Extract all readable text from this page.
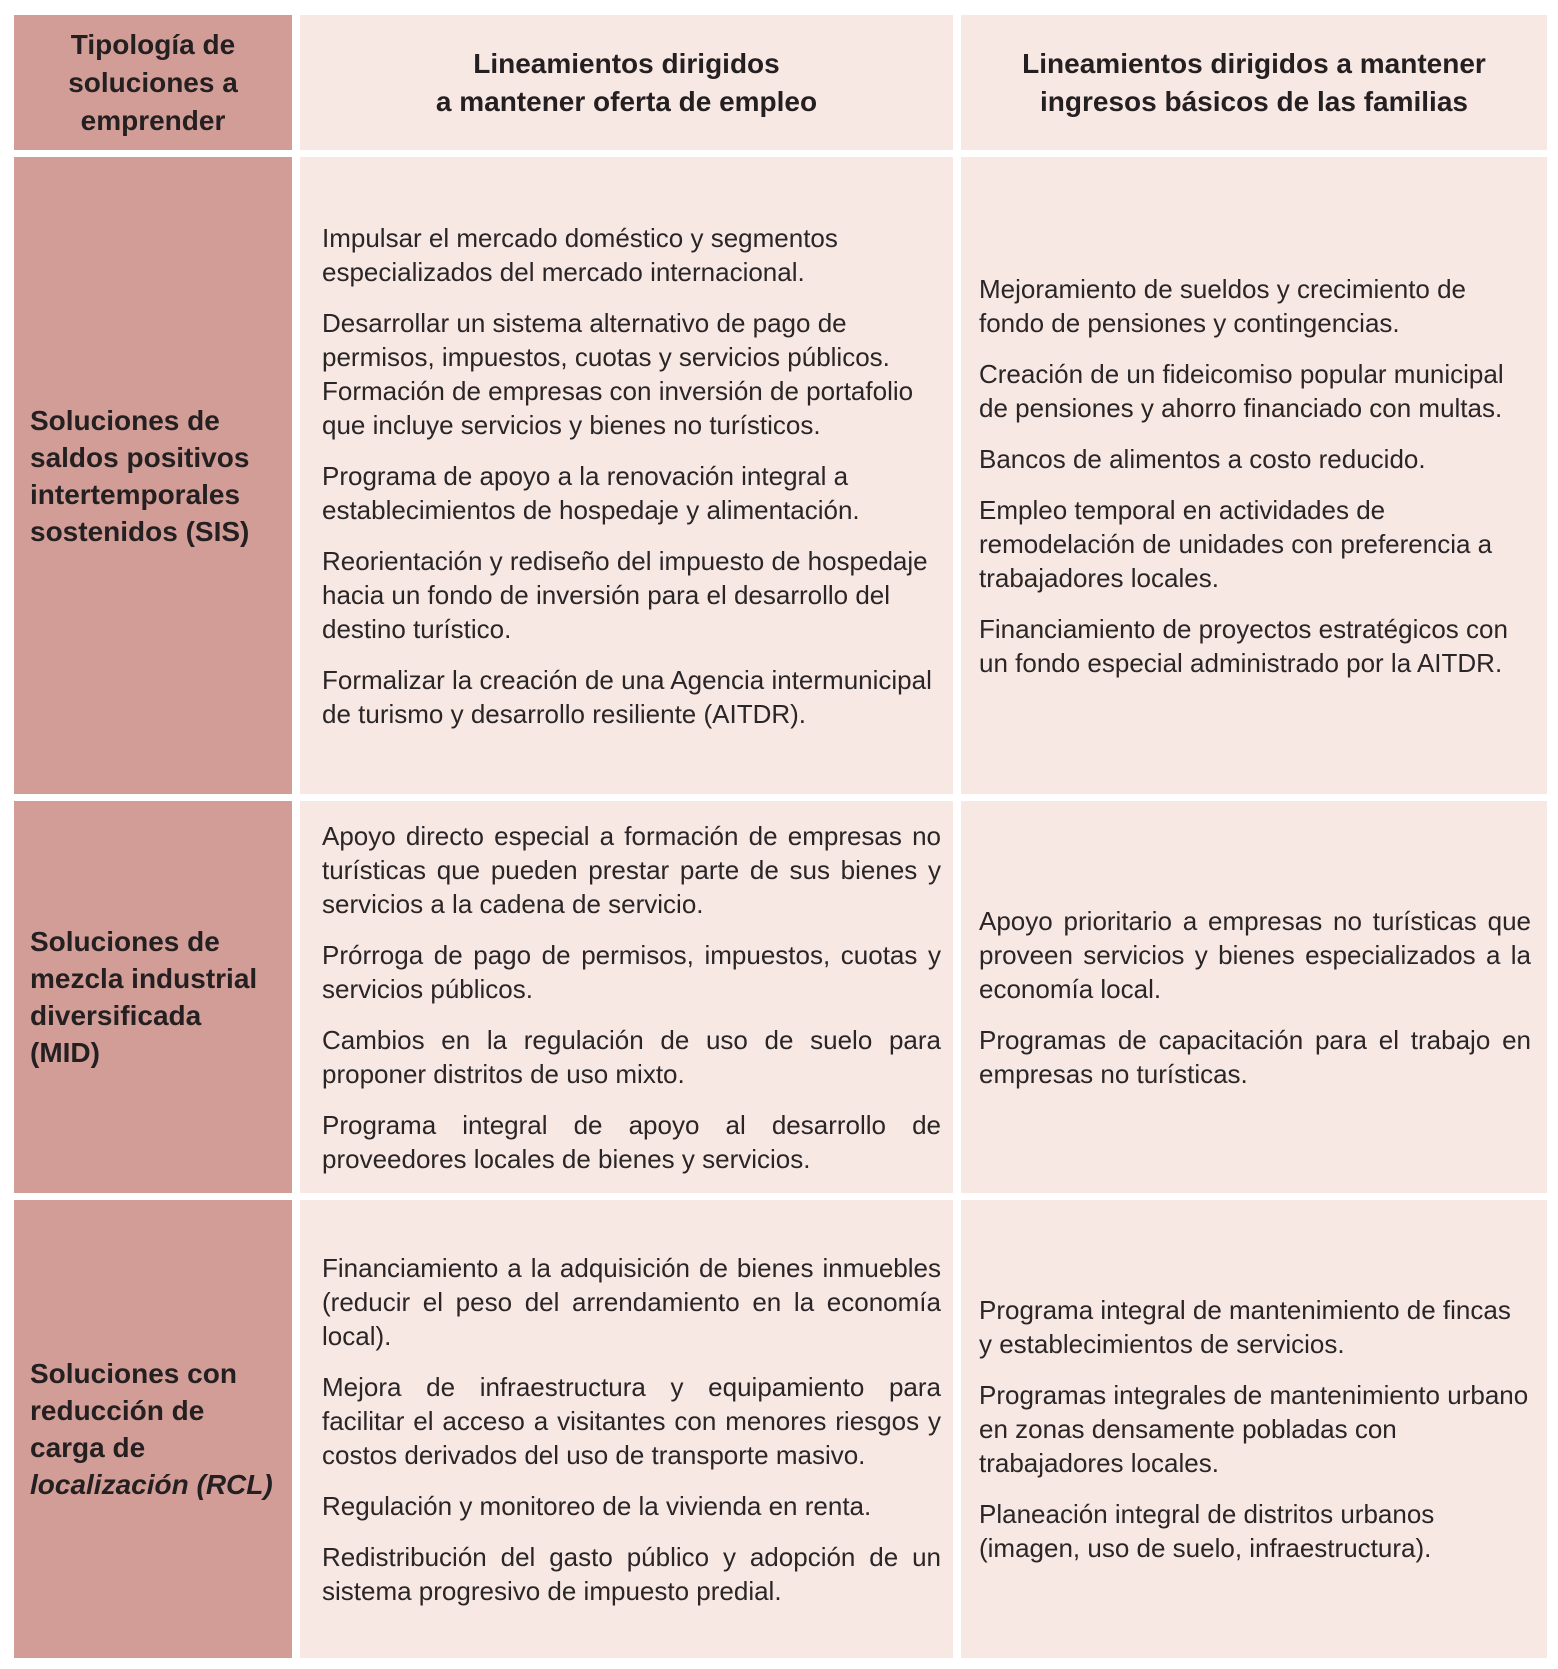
Tipología de soluciones a emprender
Lineamientos dirigidos
a mantener oferta de empleo
Lineamientos dirigidos a mantener
ingresos básicos de las familias
Soluciones de saldos positivos intertemporales sostenidos (SIS)

Impulsar el mercado doméstico y segmentos especializados del mercado internacional.

Desarrollar un sistema alternativo de pago de permisos, impuestos, cuotas y servicios públicos. Formación de empresas con inversión de portafolio que incluye servicios y bienes no turísticos.

Programa de apoyo a la renovación integral a establecimientos de hospedaje y alimentación.

Reorientación y rediseño del impuesto de hospedaje hacia un fondo de inversión para el desarrollo del destino turístico.

Formalizar la creación de una Agencia intermunicipal de turismo y desarrollo resiliente (AITDR).

Mejoramiento de sueldos y crecimiento de fondo de pensiones y contingencias.

Creación de un fideicomiso popular municipal de pensiones y ahorro financiado con multas.

Bancos de alimentos a costo reducido.

Empleo temporal en actividades de remodelación de unidades con preferencia a trabajadores locales.

Financiamiento de proyectos estratégicos con un fondo especial administrado por la AITDR.

Soluciones de mezcla industrial diversificada (MID)

Apoyo directo especial a formación de empresas no turísticas que pueden prestar parte de sus bienes y servicios a la cadena de servicio.

Prórroga de pago de permisos, impuestos, cuotas y servicios públicos.

Cambios en la regulación de uso de suelo para proponer distritos de uso mixto.

Programa integral de apoyo al desarrollo de proveedores locales de bienes y servicios.

Apoyo prioritario a empresas no turísticas que proveen servicios y bienes especializados a la economía local.

Programas de capacitación para el trabajo en empresas no turísticas.

Soluciones con reducción de carga de localización (RCL)

Financiamiento a la adquisición de bienes inmuebles (reducir el peso del arrendamiento en la economía local).

Mejora de infraestructura y equipamiento para facilitar el acceso a visitantes con menores riesgos y costos derivados del uso de transporte masivo.

Regulación y monitoreo de la vivienda en renta.

Redistribución del gasto público y adopción de un sistema progresivo de impuesto predial.

Programa integral de mantenimiento de fincas y establecimientos de servicios.

Programas integrales de mantenimiento urbano en zonas densamente pobladas con trabajadores locales.

Planeación integral de distritos urbanos (imagen, uso de suelo, infraestructura).
